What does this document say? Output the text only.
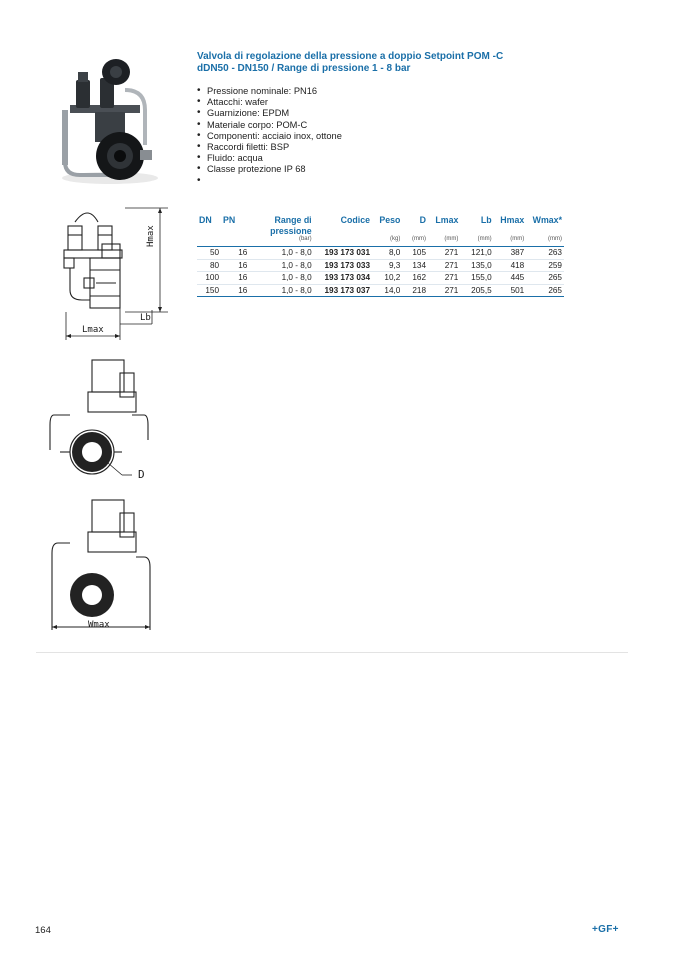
Hmax
Lb
Lmax
D
Wmax
Valvola di regolazione della pressione a doppio Setpoint POM -C
dDN50 - DN150 / Range di pressione 1 - 8 bar
• Pressione nominale: PN16
• Attacchi: wafer
• Guarnizione: EPDM
• Materiale corpo: POM-C
• Componenti: acciaio inox, ottone
• Raccordi filetti: BSP
• Fluido: acqua
• Classe protezione IP 68
•
DN	PN	Range di
pressione	Codice	Peso	D	Lmax	Lb	Hmax	Wmax*
		(bar)		(kg)	(mm)	(mm)	(mm)	(mm)	(mm)
50	16	1,0 - 8,0	193 173 031	8,0	105	271	121,0	387	263
80	16	1,0 - 8,0	193 173 033	9,3	134	271	135,0	418	259
100	16	1,0 - 8,0	193 173 034	10,2	162	271	155,0	445	265
150	16	1,0 - 8,0	193 173 037	14,0	218	271	205,5	501	265
164	+GF+
